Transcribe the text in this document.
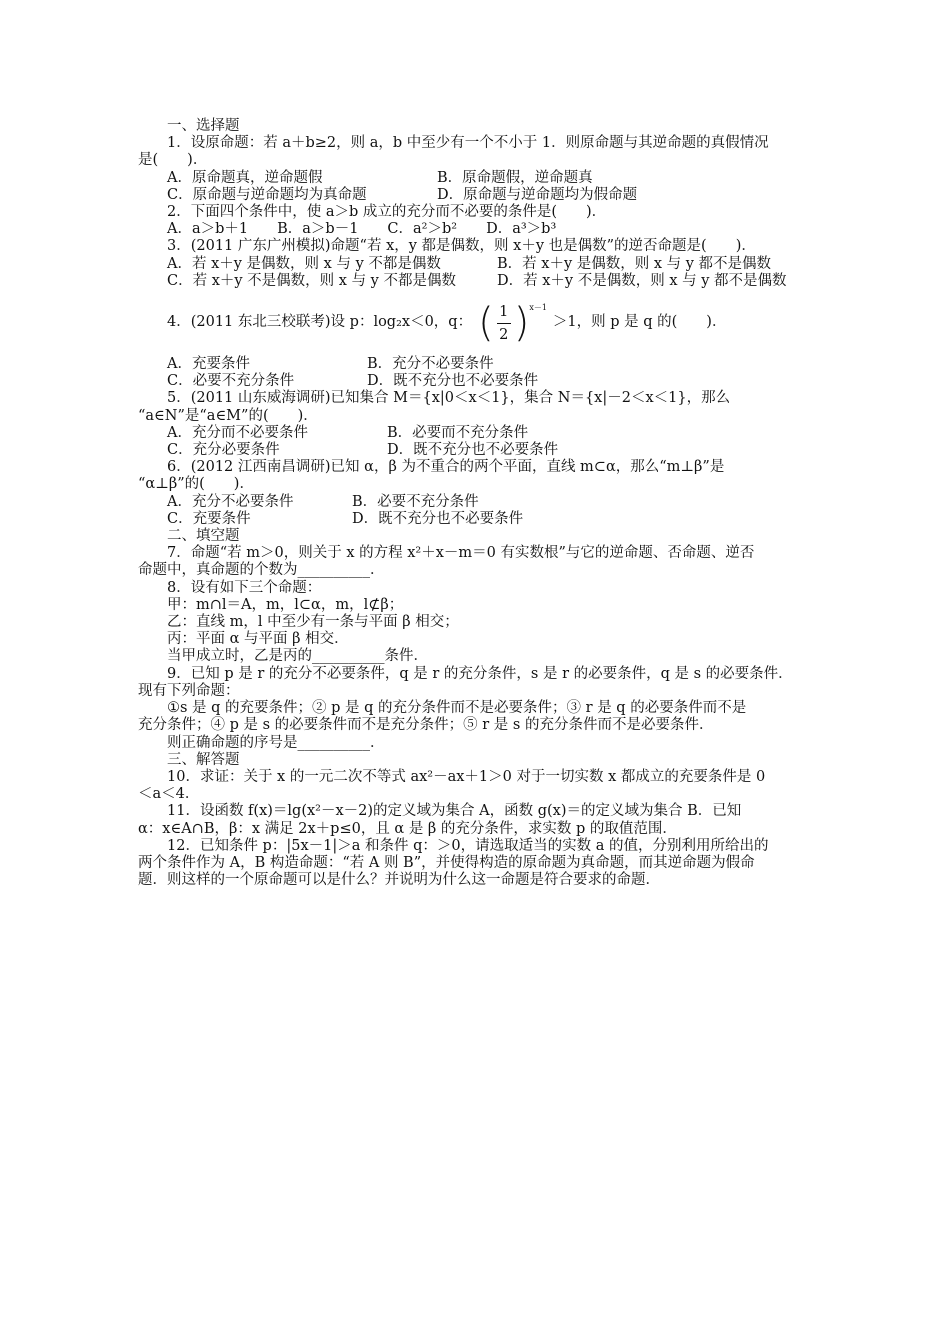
一、选择题
1．设原命题：若 a＋b≥2，则 a，b 中至少有一个不小于 1．则原命题与其逆命题的真假情况
是(　　)．
A．原命题真，逆命题假	B．原命题假，逆命题真
C．原命题与逆命题均为真命题	D．原命题与逆命题均为假命题
2．下面四个条件中，使 a＞b 成立的充分而不必要的条件是(　　)．
A．a＞b＋1　　B．a＞b－1　　C．a²＞b²　　D．a³＞b³
3．(2011 广东广州模拟)命题“若 x，y 都是偶数，则 x＋y 也是偶数”的逆否命题是(　　)．
A．若 x＋y 是偶数，则 x 与 y 不都是偶数	B．若 x＋y 是偶数，则 x 与 y 都不是偶数
C．若 x＋y 不是偶数，则 x 与 y 不都是偶数	D．若 x＋y 不是偶数，则 x 与 y 都不是偶数
4．(2011 东北三校联考)设 p：log₂x＜0，q： ( $\frac{1}{2}$ ) x－1
＞1，则 p 是 q 的(　　)．
A．充要条件	B．充分不必要条件
C．必要不充分条件	D．既不充分也不必要条件
5．(2011 山东威海调研)已知集合 M＝{x|0＜x＜1}，集合 N＝{x|－2＜x＜1}，那么
“a∈N”是“a∈M”的(　　)．
A．充分而不必要条件	B．必要而不充分条件
C．充分必要条件	D．既不充分也不必要条件
6．(2012 江西南昌调研)已知 α，β 为不重合的两个平面，直线 m⊂α，那么“m⊥β”是
“α⊥β”的(　　)．
A．充分不必要条件	B．必要不充分条件
C．充要条件	D．既不充分也不必要条件
二、填空题
7．命题“若 m＞0，则关于 x 的方程 x²＋x－m＝0 有实数根”与它的逆命题、否命题、逆否
命题中，真命题的个数为__________．
8．设有如下三个命题：
甲：m∩l＝A，m，l⊂α，m，l⊄β；
乙：直线 m，l 中至少有一条与平面 β 相交；
丙：平面 α 与平面 β 相交．
当甲成立时，乙是丙的__________条件．
9．已知 p 是 r 的充分不必要条件，q 是 r 的充分条件，s 是 r 的必要条件，q 是 s 的必要条件．
现有下列命题：
①s 是 q 的充要条件；② p 是 q 的充分条件而不是必要条件；③ r 是 q 的必要条件而不是
充分条件；④ p 是 s 的必要条件而不是充分条件；⑤ r 是 s 的充分条件而不是必要条件．
则正确命题的序号是__________．
三、解答题
10．求证：关于 x 的一元二次不等式 ax²－ax＋1＞0 对于一切实数 x 都成立的充要条件是 0
＜a＜4．
11．设函数 f(x)＝lg(x²－x－2)的定义域为集合 A，函数 g(x)＝的定义域为集合 B．已知
α：x∈A∩B，β：x 满足 2x＋p≤0，且 α 是 β 的充分条件，求实数 p 的取值范围．
12．已知条件 p：|5x－1|＞a 和条件 q：＞0，请选取适当的实数 a 的值，分别利用所给出的
两个条件作为 A，B 构造命题：“若 A 则 B”，并使得构造的原命题为真命题，而其逆命题为假命
题．则这样的一个原命题可以是什么？并说明为什么这一命题是符合要求的命题．
